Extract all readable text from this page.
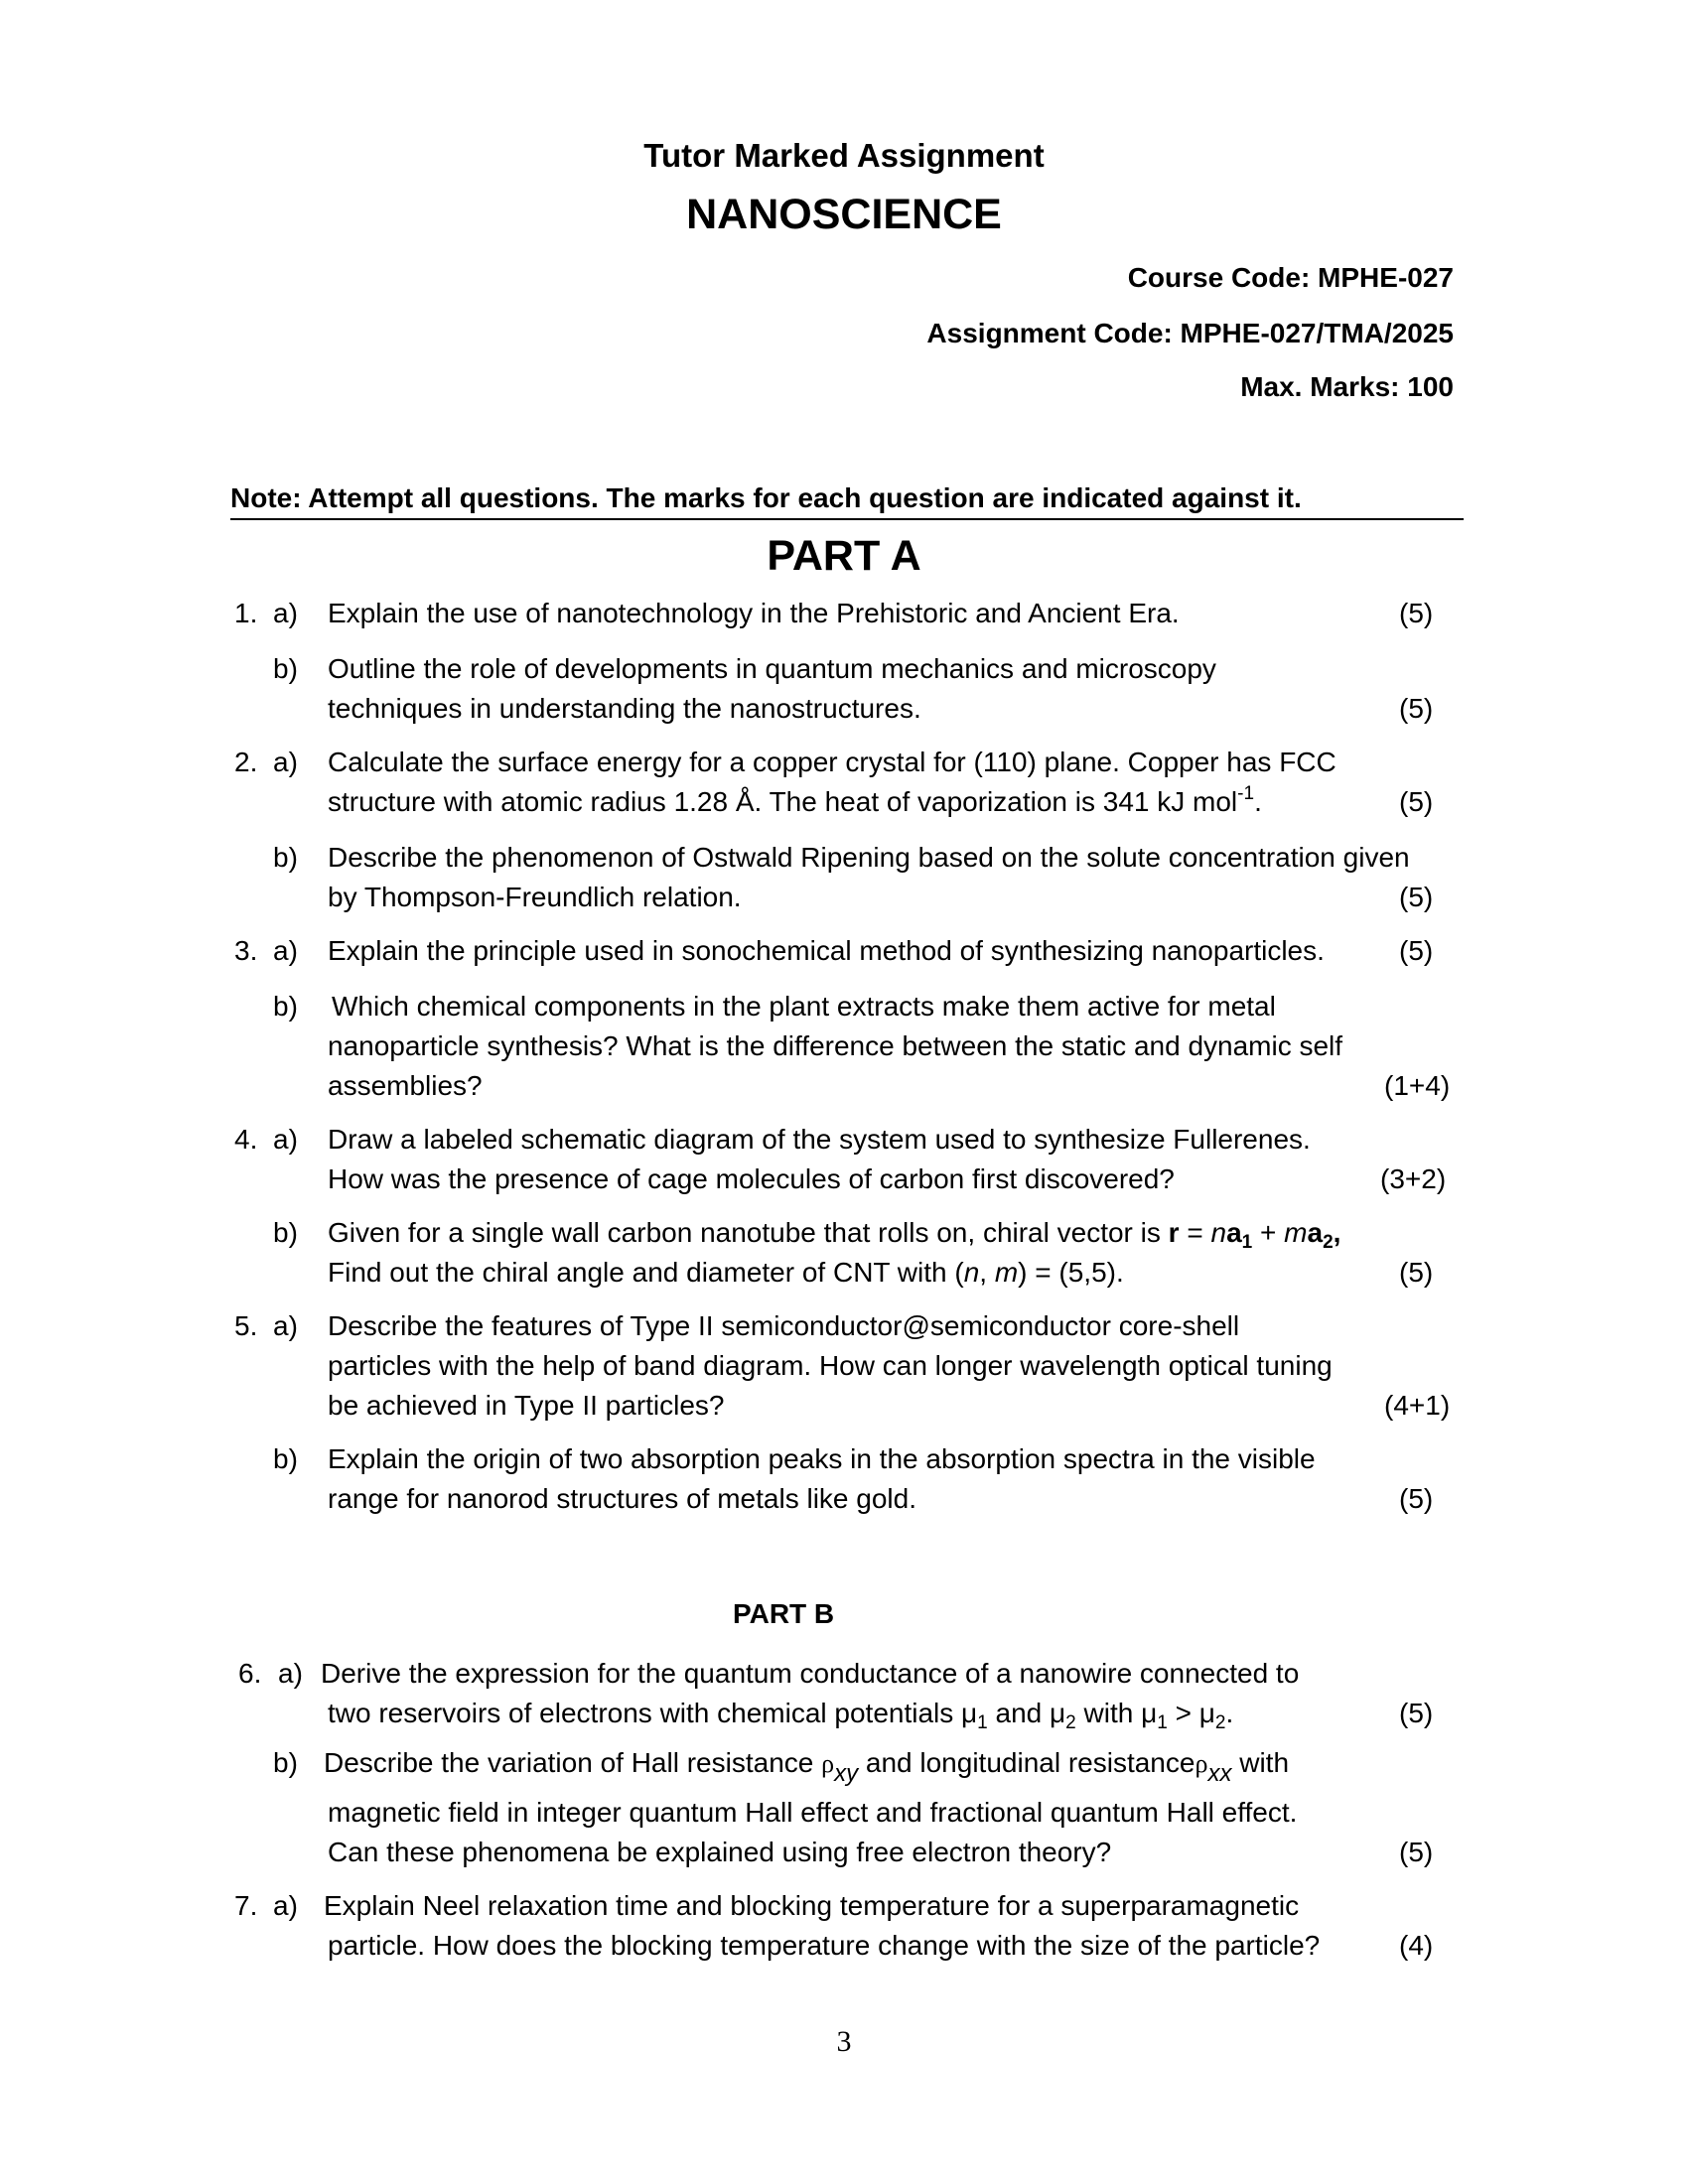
Tutor Marked Assignment
NANOSCIENCE
Course Code: MPHE-027
Assignment Code: MPHE-027/TMA/2025
Max. Marks: 100
Note: Attempt all questions. The marks for each question are indicated against it.
PART A
1. a) Explain the use of nanotechnology in the Prehistoric and Ancient Era.	(5)
b) Outline the role of developments in quantum mechanics and microscopy
techniques in understanding the nanostructures.	(5)
2. a) Calculate the surface energy for a copper crystal for (110) plane. Copper has FCC
structure with atomic radius 1.28 Å. The heat of vaporization is 341 kJ mol$^{-1}$.	(5)
b) Describe the phenomenon of Ostwald Ripening based on the solute concentration given
by Thompson-Freundlich relation.	(5)
3. a) Explain the principle used in sonochemical method of synthesizing nanoparticles.	(5)
b) Which chemical components in the plant extracts make them active for metal
nanoparticle synthesis? What is the difference between the static and dynamic self
assemblies?	(1+4)
4. a) Draw a labeled schematic diagram of the system used to synthesize Fullerenes.
How was the presence of cage molecules of carbon first discovered?	(3+2)
b) Given for a single wall carbon nanotube that rolls on, chiral vector is $r = na_1 + ma_2$,
Find out the chiral angle and diameter of CNT with (n, m) = (5,5).	(5)
5. a) Describe the features of Type II semiconductor@semiconductor core-shell
particles with the help of band diagram. How can longer wavelength optical tuning
be achieved in Type II particles?	(4+1)
b) Explain the origin of two absorption peaks in the absorption spectra in the visible
range for nanorod structures of metals like gold.	(5)
PART B
6. a) Derive the expression for the quantum conductance of a nanowire connected to
two reservoirs of electrons with chemical potentials $\mu_1$ and $\mu_2$ with $\mu_1 > \mu_2$.	(5)
b) Describe the variation of Hall resistance ρxy and longitudinal resistanceρxx with
magnetic field in integer quantum Hall effect and fractional quantum Hall effect.
Can these phenomena be explained using free electron theory?	(5)
7. a) Explain Neel relaxation time and blocking temperature for a superparamagnetic
particle. How does the blocking temperature change with the size of the particle?	(4)
3
